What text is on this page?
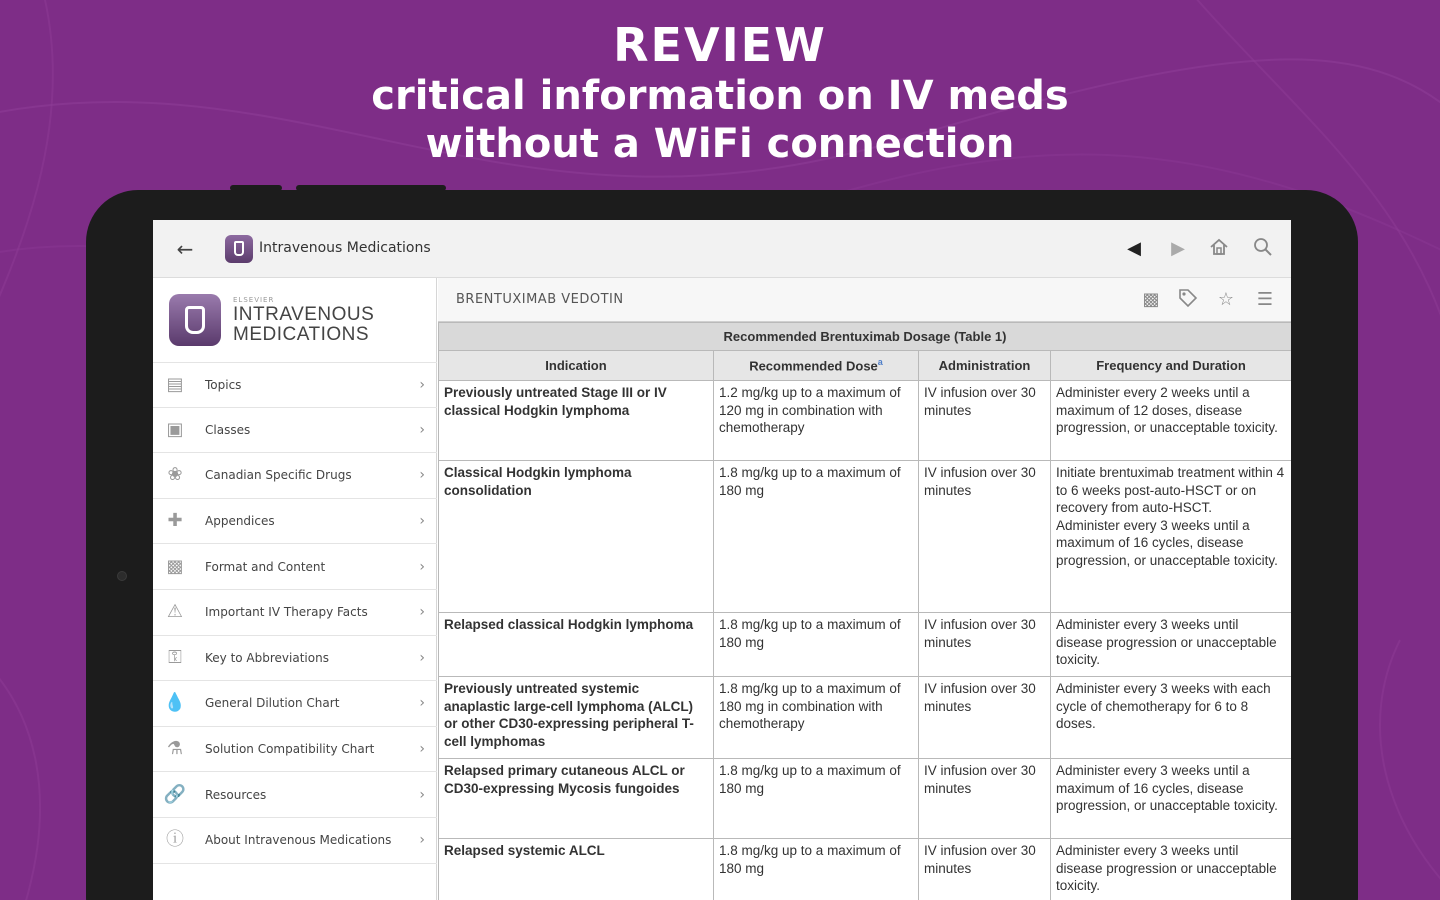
REVIEW
critical information on IV meds
without a WiFi connection
←	Intravenous Medications	◀	▶
ELSEVIER
INTRAVENOUS
MEDICATIONS
▤ Topics	›
▣ Classes	›
❀	Canadian Specific Drugs	›
✚	Appendices	›
▩ Format and Content	›
⚠	Important IV Therapy Facts	›
⚿	Key to Abbreviations	›
💧 General Dilution Chart	›
⚗	Solution Compatibility Chart	›
🔗 Resources	›
ⓘ About Intravenous Medications ›
BRENTUXIMAB VEDOTIN	▩	☆ ☰
Recommended Brentuximab Dosage (Table 1)			
Indication	Recommended Dose$^a$	Administration	Frequency and Duration
Previously untreated Stage III or IV classical Hodgkin lymphoma	1.2 mg/kg up to a maximum of 120 mg in combination with chemotherapy	IV infusion over 30 minutes	Administer every 2 weeks until a maximum of 12 doses, disease progression, or unacceptable toxicity.
Classical Hodgkin lymphoma consolidation	1.8 mg/kg up to a maximum of 180 mg	IV infusion over 30 minutes	Initiate brentuximab treatment within 4 to 6 weeks post-auto-HSCT or on recovery from auto-HSCT.
Administer every 3 weeks until a maximum of 16 cycles, disease progression, or unacceptable toxicity.

Relapsed classical Hodgkin lymphoma	1.8 mg/kg up to a maximum of 180 mg	IV infusion over 30 minutes	Administer every 3 weeks until disease progression or unacceptable toxicity.
Previously untreated systemic anaplastic large-cell lymphoma (ALCL) or other CD30-expressing peripheral T-cell lymphomas	1.8 mg/kg up to a maximum of 180 mg in combination with chemotherapy	IV infusion over 30 minutes	Administer every 3 weeks with each cycle of chemotherapy for 6 to 8 doses.
Relapsed primary cutaneous ALCL or CD30-expressing Mycosis fungoides	1.8 mg/kg up to a maximum of 180 mg	IV infusion over 30 minutes	Administer every 3 weeks until a maximum of 16 cycles, disease progression, or unacceptable toxicity.
Relapsed systemic ALCL	1.8 mg/kg up to a maximum of 180 mg	IV infusion over 30 minutes	Administer every 3 weeks until disease progression or unacceptable toxicity.
